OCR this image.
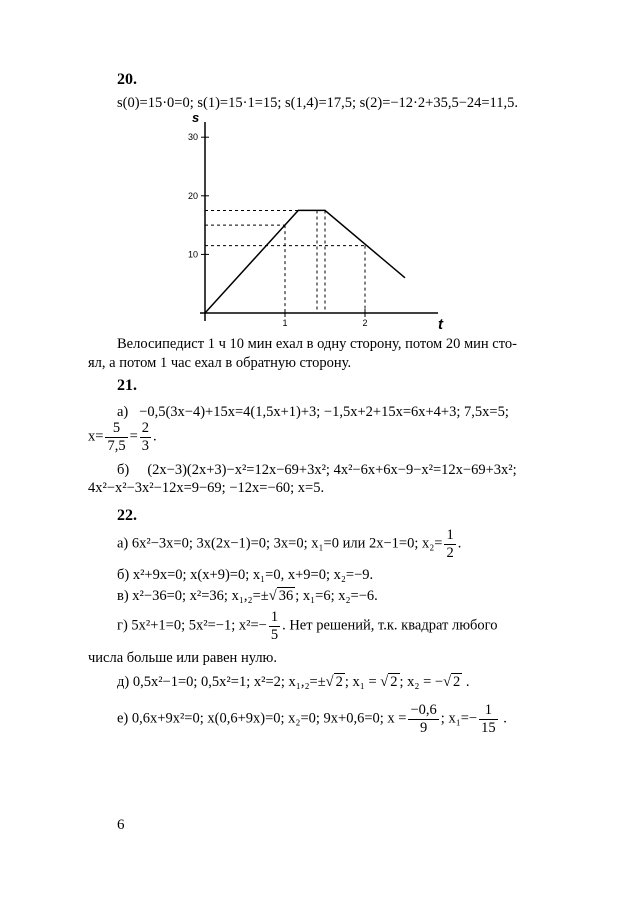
20.
s(0)=15·0=0; s(1)=15·1=15; s(1,4)=17,5; s(2)=−12·2+35,5−24=11,5.
s
t
10
20
30
1	2
Велосипедист 1 ч 10 мин ехал в одну сторону, потом 20 мин сто-
ял, а потом 1 час ехал в обратную сторону.
21.
а) −0,5(3x−4)+15x=4(1,5x+1)+3; −1,5x+2+15x=6x+4+3; 7,5x=5;
$x= \frac{5}{7,5} = \frac{2}{3}$ .
б) (2x−3)(2x+3)−x²=12x−69+3x²; 4x²−6x+6x−9−x²=12x−69+3x²;
4x²−x²−3x²−12x=9−69; −12x=−60; x=5.
22.
а) 6x²−3x=0; 3x(2x−1)=0; 3x=0; x₁=0 или 2x−1=0; $x_2= \frac{1}{2}$ .
б) x²+9x=0; x(x+9)=0; x₁=0, x+9=0; x₂=−9.
в) x²−36=0; x²=36; x₁,₂=±√ 36 ; x₁=6; x₂=−6.
г) 5x²+1=0; 5x²=−1; $x^2=- \frac{1}{5}$ . Нет решений, т.к. квадрат любого
числа больше или равен нулю.
д) 0,5x²−1=0; 0,5x²=1; x²=2; x₁,₂=±√ 2 ; x₁ = √ 2 ; x₂ = −√ 2 .
е) 0,6x+9x²=0; x(0,6+9x)=0; x₂=0; 9x+0,6=0; $x = \frac{-0,6}{9}$ ; $x_1=- \frac{1}{15}$ .
6
